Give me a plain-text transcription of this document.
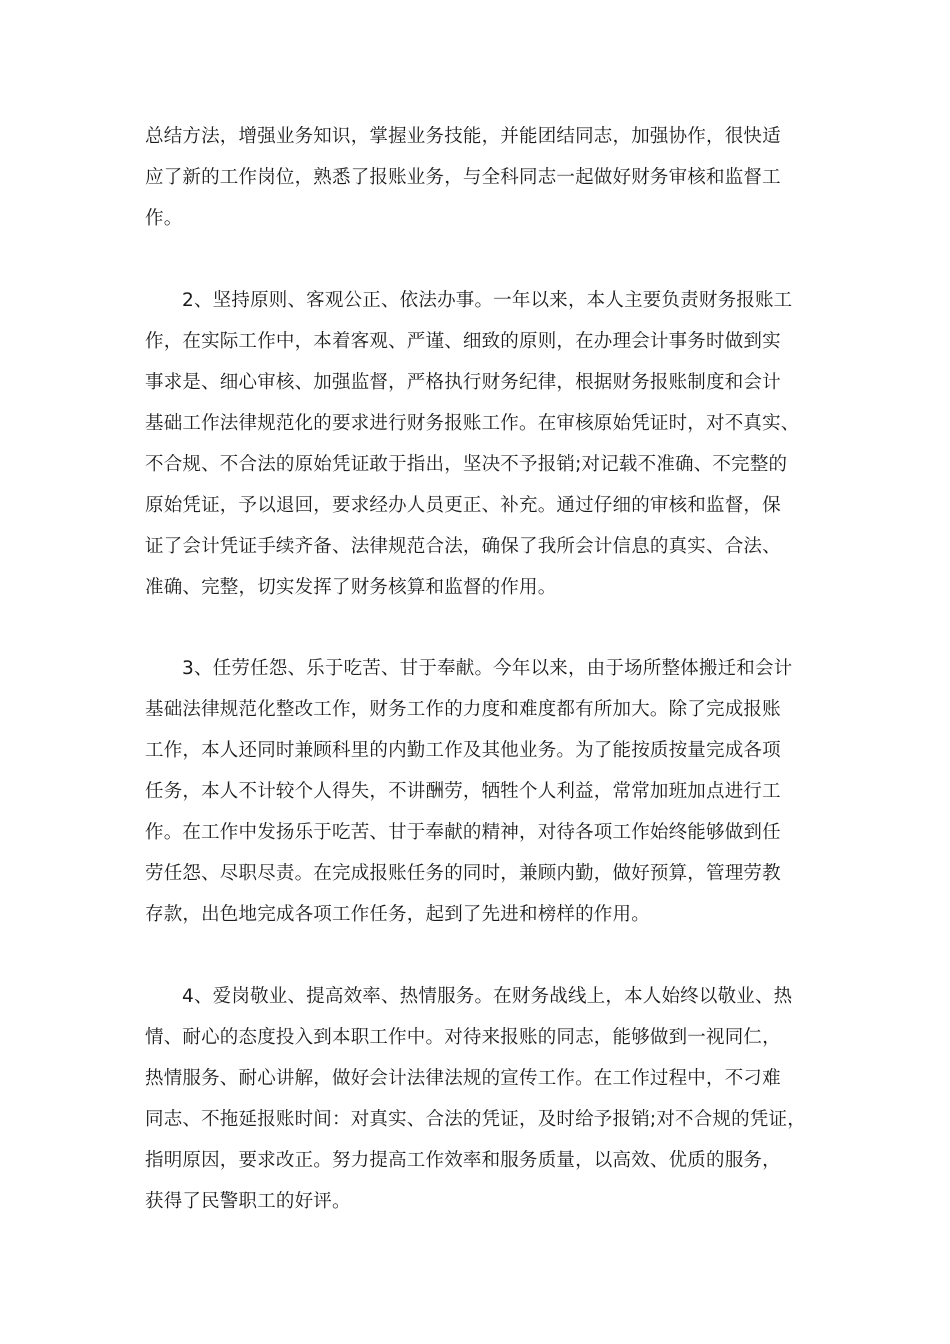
总结方法，增强业务知识，掌握业务技能，并能团结同志，加强协作，很快适
应了新的工作岗位，熟悉了报账业务，与全科同志一起做好财务审核和监督工
作。
2、坚持原则、客观公正、依法办事。一年以来，本人主要负责财务报账工
作，在实际工作中，本着客观、严谨、细致的原则，在办理会计事务时做到实
事求是、细心审核、加强监督，严格执行财务纪律，根据财务报账制度和会计
基础工作法律规范化的要求进行财务报账工作。在审核原始凭证时，对不真实、
不合规、不合法的原始凭证敢于指出，坚决不予报销;对记载不准确、不完整的
原始凭证，予以退回，要求经办人员更正、补充。通过仔细的审核和监督，保
证了会计凭证手续齐备、法律规范合法，确保了我所会计信息的真实、合法、
准确、完整，切实发挥了财务核算和监督的作用。
3、任劳任怨、乐于吃苦、甘于奉献。今年以来，由于场所整体搬迁和会计
基础法律规范化整改工作，财务工作的力度和难度都有所加大。除了完成报账
工作，本人还同时兼顾科里的内勤工作及其他业务。为了能按质按量完成各项
任务，本人不计较个人得失，不讲酬劳，牺牲个人利益，常常加班加点进行工
作。在工作中发扬乐于吃苦、甘于奉献的精神，对待各项工作始终能够做到任
劳任怨、尽职尽责。在完成报账任务的同时，兼顾内勤，做好预算，管理劳教
存款，出色地完成各项工作任务，起到了先进和榜样的作用。
4、爱岗敬业、提高效率、热情服务。在财务战线上，本人始终以敬业、热
情、耐心的态度投入到本职工作中。对待来报账的同志，能够做到一视同仁，
热情服务、耐心讲解，做好会计法律法规的宣传工作。在工作过程中，不刁难
同志、不拖延报账时间：对真实、合法的凭证，及时给予报销;对不合规的凭证，
指明原因，要求改正。努力提高工作效率和服务质量，以高效、优质的服务，
获得了民警职工的好评。
